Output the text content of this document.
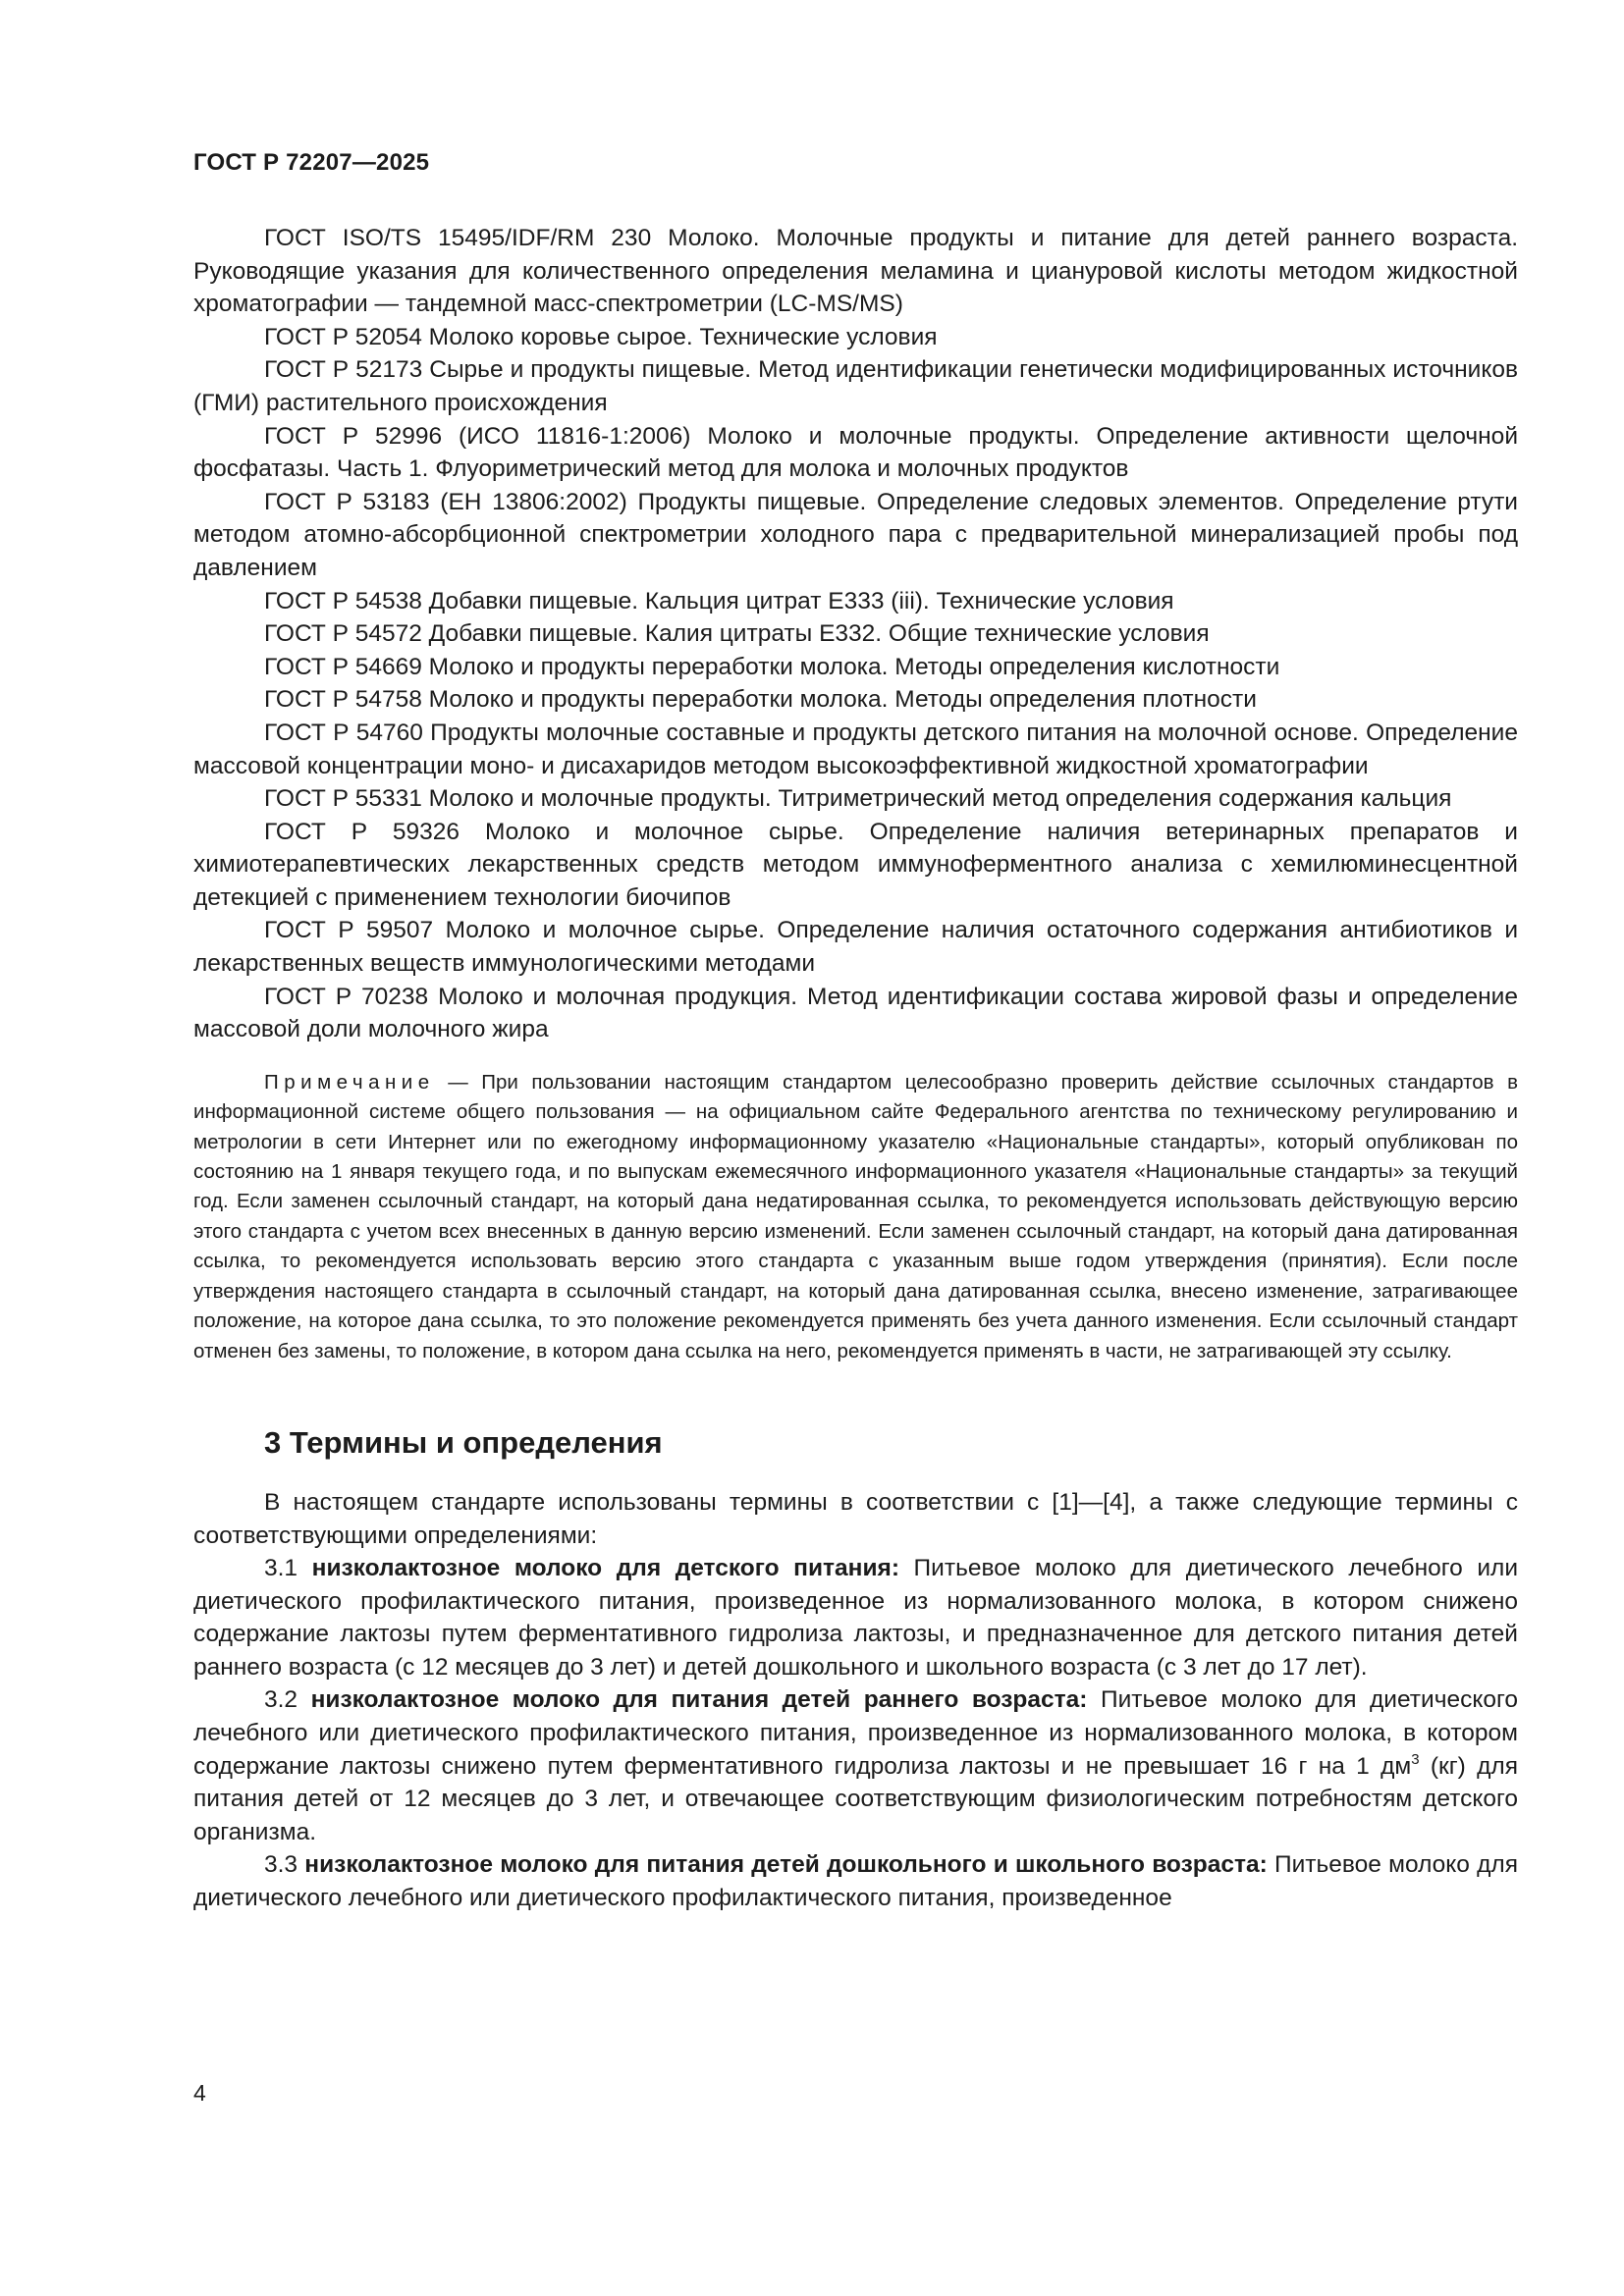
ГОСТ Р 72207—2025

ГОСТ ISO/TS 15495/IDF/RM 230 Молоко. Молочные продукты и питание для детей раннего возраста. Руководящие указания для количественного определения меламина и циануровой кислоты методом жидкостной хроматографии — тандемной масс-спектрометрии (LC-MS/MS)

ГОСТ Р 52054 Молоко коровье сырое. Технические условия

ГОСТ Р 52173 Сырье и продукты пищевые. Метод идентификации генетически модифицированных источников (ГМИ) растительного происхождения

ГОСТ Р 52996 (ИСО 11816-1:2006) Молоко и молочные продукты. Определение активности щелочной фосфатазы. Часть 1. Флуориметрический метод для молока и молочных продуктов

ГОСТ Р 53183 (ЕН 13806:2002) Продукты пищевые. Определение следовых элементов. Определение ртути методом атомно-абсорбционной спектрометрии холодного пара с предварительной минерализацией пробы под давлением

ГОСТ Р 54538 Добавки пищевые. Кальция цитрат Е333 (iii). Технические условия

ГОСТ Р 54572 Добавки пищевые. Калия цитраты Е332. Общие технические условия

ГОСТ Р 54669 Молоко и продукты переработки молока. Методы определения кислотности

ГОСТ Р 54758 Молоко и продукты переработки молока. Методы определения плотности

ГОСТ Р 54760 Продукты молочные составные и продукты детского питания на молочной основе. Определение массовой концентрации моно- и дисахаридов методом высокоэффективной жидкостной хроматографии

ГОСТ Р 55331 Молоко и молочные продукты. Титриметрический метод определения содержания кальция

ГОСТ Р 59326 Молоко и молочное сырье. Определение наличия ветеринарных препаратов и химиотерапевтических лекарственных средств методом иммуноферментного анализа с хемилюминесцентной детекцией с применением технологии биочипов

ГОСТ Р 59507 Молоко и молочное сырье. Определение наличия остаточного содержания антибиотиков и лекарственных веществ иммунологическими методами

ГОСТ Р 70238 Молоко и молочная продукция. Метод идентификации состава жировой фазы и определение массовой доли молочного жира

Примечание — При пользовании настоящим стандартом целесообразно проверить действие ссылочных стандартов в информационной системе общего пользования — на официальном сайте Федерального агентства по техническому регулированию и метрологии в сети Интернет или по ежегодному информационному указателю «Национальные стандарты», который опубликован по состоянию на 1 января текущего года, и по выпускам ежемесячного информационного указателя «Национальные стандарты» за текущий год. Если заменен ссылочный стандарт, на который дана недатированная ссылка, то рекомендуется использовать действующую версию этого стандарта с учетом всех внесенных в данную версию изменений. Если заменен ссылочный стандарт, на который дана датированная ссылка, то рекомендуется использовать версию этого стандарта с указанным выше годом утверждения (принятия). Если после утверждения настоящего стандарта в ссылочный стандарт, на который дана датированная ссылка, внесено изменение, затрагивающее положение, на которое дана ссылка, то это положение рекомендуется применять без учета данного изменения. Если ссылочный стандарт отменен без замены, то положение, в котором дана ссылка на него, рекомендуется применять в части, не затрагивающей эту ссылку.

3 Термины и определения

В настоящем стандарте использованы термины в соответствии с [1]—[4], а также следующие термины с соответствующими определениями:

3.1 низколактозное молоко для детского питания: Питьевое молоко для диетического лечебного или диетического профилактического питания, произведенное из нормализованного молока, в котором снижено содержание лактозы путем ферментативного гидролиза лактозы, и предназначенное для детского питания детей раннего возраста (с 12 месяцев до 3 лет) и детей дошкольного и школьного возраста (с 3 лет до 17 лет).

3.2 низколактозное молоко для питания детей раннего возраста: Питьевое молоко для диетического лечебного или диетического профилактического питания, произведенное из нормализованного молока, в котором содержание лактозы снижено путем ферментативного гидролиза лактозы и не превышает 16 г на 1 $дм^3$ (кг) для питания детей от 12 месяцев до 3 лет, и отвечающее соответствующим физиологическим потребностям детского организма.

3.3 низколактозное молоко для питания детей дошкольного и школьного возраста: Питьевое молоко для диетического лечебного или диетического профилактического питания, произведенное

4
